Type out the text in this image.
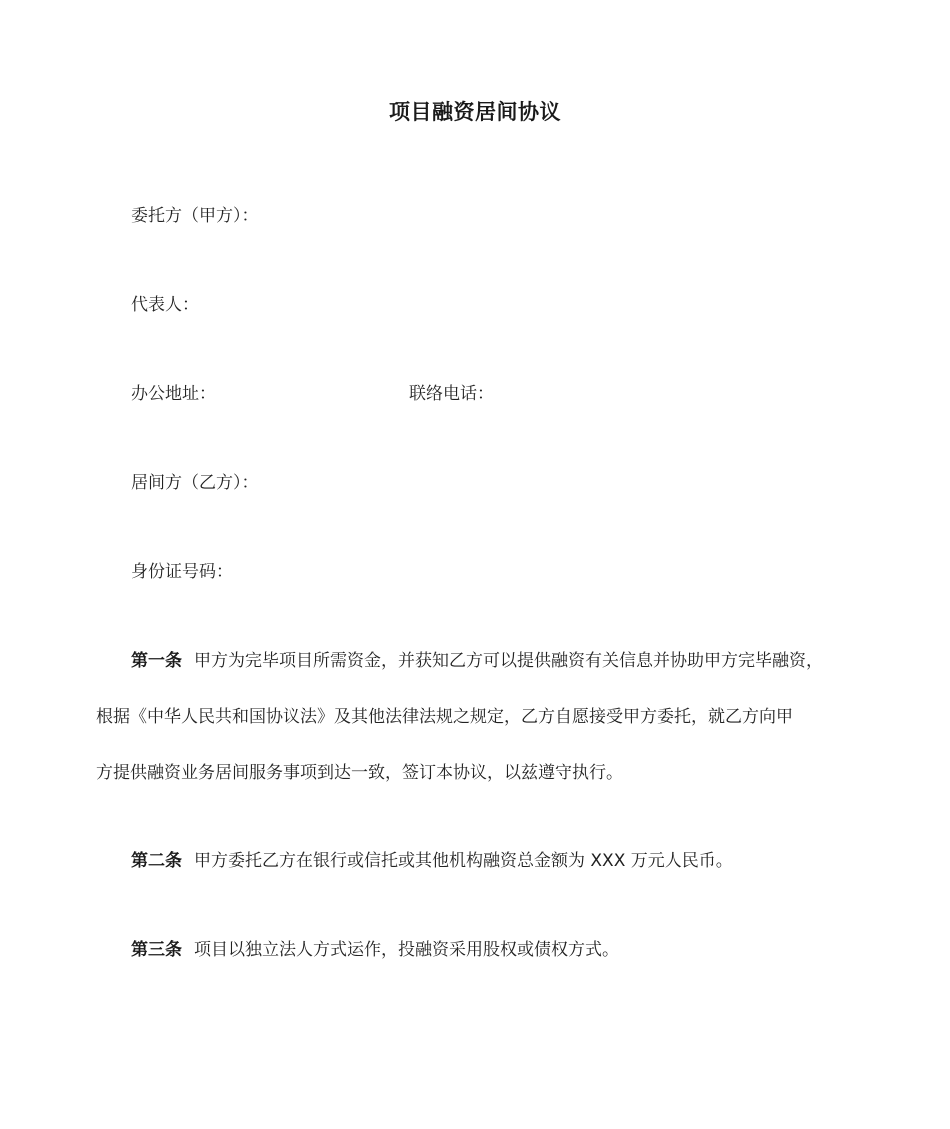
项目融资居间协议
委托方（甲方）：
代表人：
办公地址：	联络电话：
居间方（乙方）：
身份证号码：
第一条 甲方为完毕项目所需资金，并获知乙方可以提供融资有关信息并协助甲方完毕融资，
根据《中华人民共和国协议法》及其他法律法规之规定，乙方自愿接受甲方委托，就乙方向甲
方提供融资业务居间服务事项到达一致，签订本协议，以兹遵守执行。
第二条 甲方委托乙方在银行或信托或其他机构融资总金额为 XXX 万元人民币。
第三条 项目以独立法人方式运作，投融资采用股权或债权方式。
